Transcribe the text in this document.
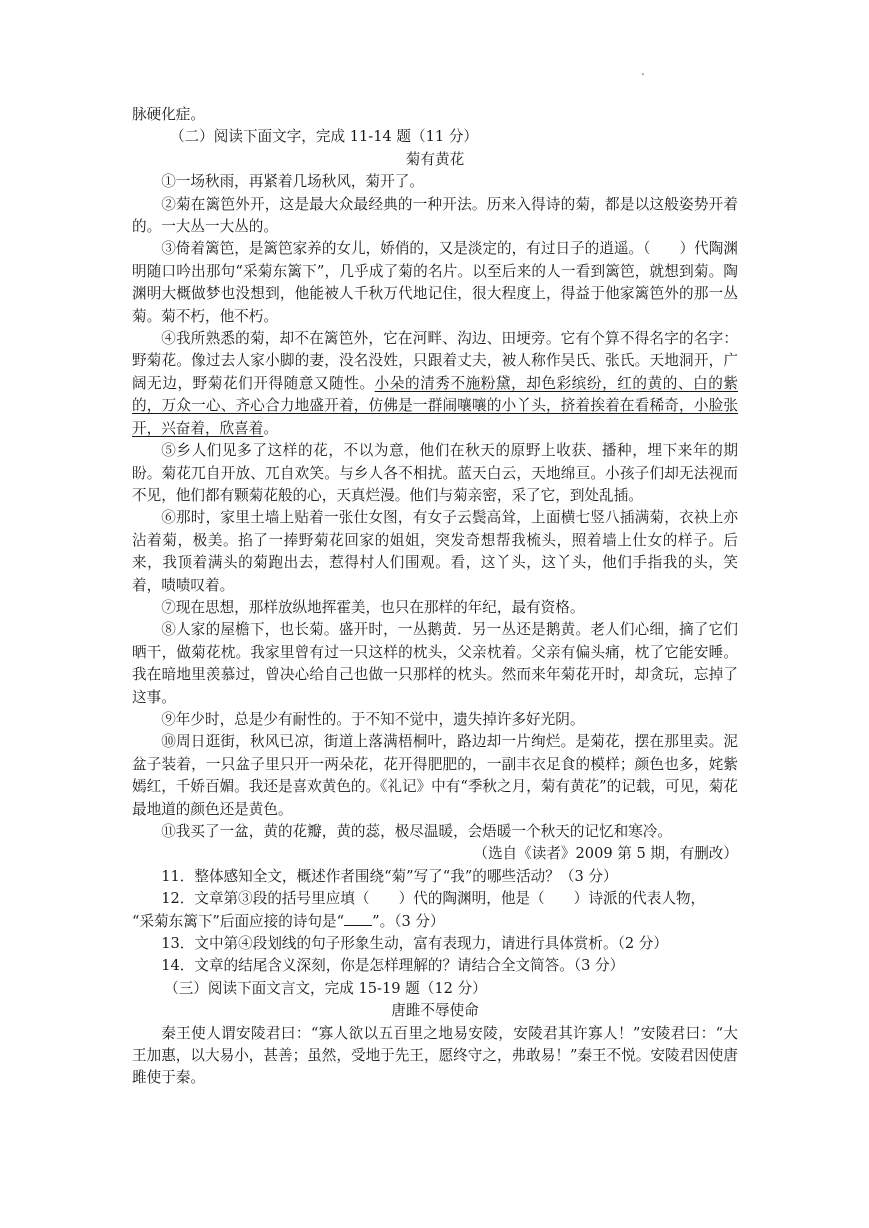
.
脉硬化症。
（二）阅读下面文字，完成 11-14 题（11 分）
菊有黄花
①一场秋雨，再紧着几场秋风，菊开了。
②菊在篱笆外开，这是最大众最经典的一种开法。历来入得诗的菊，都是以这般姿势开着的。一大丛一大丛的。
③倚着篱笆，是篱笆家养的女儿，娇俏的，又是淡定的，有过日子的逍遥。（　　）代陶渊明随口吟出那句“采菊东篱下”，几乎成了菊的名片。以至后来的人一看到篱笆，就想到菊。陶渊明大概做梦也没想到，他能被人千秋万代地记住，很大程度上，得益于他家篱笆外的那一丛菊。菊不朽，他不朽。
④我所熟悉的菊，却不在篱笆外，它在河畔、沟边、田埂旁。它有个算不得名字的名字：野菊花。像过去人家小脚的妻，没名没姓，只跟着丈夫，被人称作吴氏、张氏。天地洞开，广阔无边，野菊花们开得随意又随性。小朵的清秀不施粉黛，却色彩缤纷，红的黄的、白的紫的，万众一心、齐心合力地盛开着，仿佛是一群闹嚷嚷的小丫头，挤着挨着在看稀奇，小脸张开，兴奋着，欣喜着。
⑤乡人们见多了这样的花，不以为意，他们在秋天的原野上收获、播种，埋下来年的期盼。菊花兀自开放、兀自欢笑。与乡人各不相扰。蓝天白云，天地绵亘。小孩子们却无法视而不见，他们都有颗菊花般的心，天真烂漫。他们与菊亲密，采了它，到处乱插。
⑥那时，家里土墙上贴着一张仕女图，有女子云鬓高耸，上面横七竖八插满菊，衣袂上亦沾着菊，极美。掐了一捧野菊花回家的姐姐，突发奇想帮我梳头，照着墙上仕女的样子。后来，我顶着满头的菊跑出去，惹得村人们围观。看，这丫头，这丫头，他们手指我的头，笑着，啧啧叹着。
⑦现在思想，那样放纵地挥霍美，也只在那样的年纪，最有资格。
⑧人家的屋檐下，也长菊。盛开时，一丛鹅黄．另一丛还是鹅黄。老人们心细，摘了它们晒干，做菊花枕。我家里曾有过一只这样的枕头，父亲枕着。父亲有偏头痛，枕了它能安睡。我在暗地里羡慕过，曾决心给自己也做一只那样的枕头。然而来年菊花开时，却贪玩，忘掉了这事。
⑨年少时，总是少有耐性的。于不知不觉中，遗失掉许多好光阴。
⑩周日逛街，秋风已凉，街道上落满梧桐叶，路边却一片绚烂。是菊花，摆在那里卖。泥盆子装着，一只盆子里只开一两朵花，花开得肥肥的，一副丰衣足食的模样；颜色也多，姹紫嫣红，千娇百媚。我还是喜欢黄色的。《礼记》中有“季秋之月，菊有黄花”的记载，可见，菊花最地道的颜色还是黄色。
⑪我买了一盆，黄的花瓣，黄的蕊，极尽温暖，会焐暖一个秋天的记忆和寒冷。
（选自《读者》2009 第 5 期，有删改）
11．整体感知全文，概述作者围绕“菊”写了“我”的哪些活动？（3 分）
12．文章第③段的括号里应填（　　）代的陶渊明，他是（　　）诗派的代表人物，
“采菊东篱下”后面应接的诗句是“ ”。（3 分）
13．文中第④段划线的句子形象生动，富有表现力，请进行具体赏析。（2 分）
14．文章的结尾含义深刻，你是怎样理解的？请结合全文简答。（3 分）
（三）阅读下面文言文，完成 15-19 题（12 分）
唐雎不辱使命
秦王使人谓安陵君曰：“寡人欲以五百里之地易安陵，安陵君其许寡人！”安陵君曰：“大王加惠，以大易小，甚善；虽然，受地于先王，愿终守之，弗敢易！”秦王不悦。安陵君因使唐雎使于秦。
